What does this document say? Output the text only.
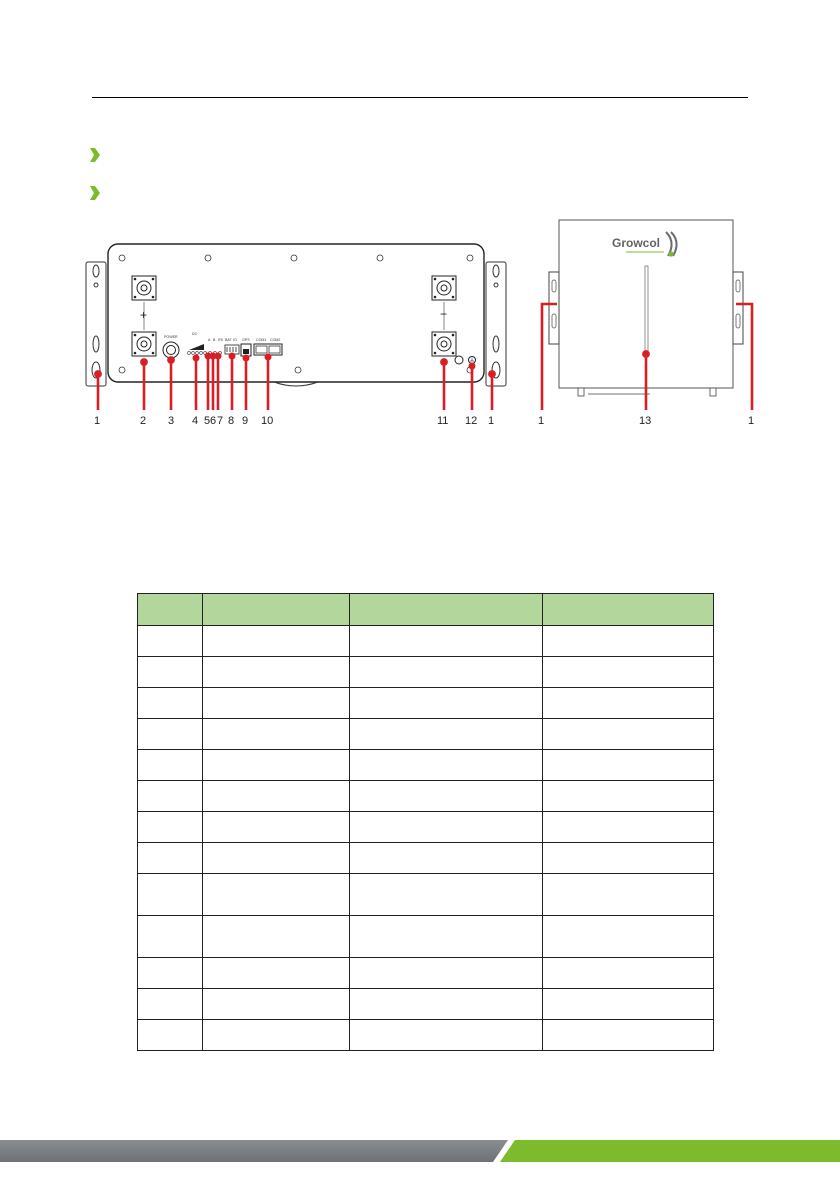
+	−
POWER
DC
A B RS BAT IO GPS COM1 COM2
1	2 3 4 5 6 7 8 9 10	11 12 1
Growcol
1	13	1
